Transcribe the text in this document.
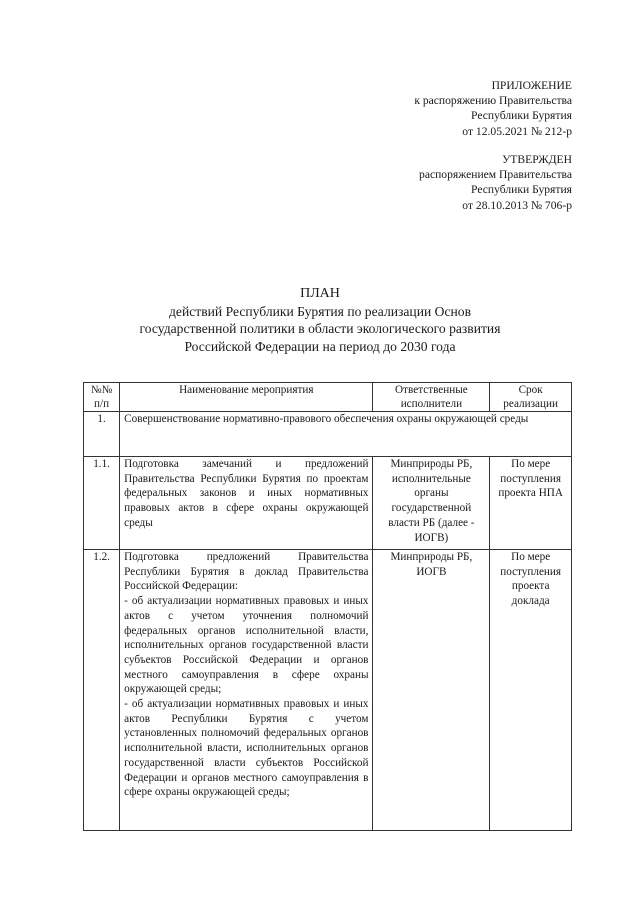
ПРИЛОЖЕНИЕ
к распоряжению Правительства
Республики Бурятия
от 12.05.2021 № 212-р
УТВЕРЖДЕН
распоряжением Правительства
Республики Бурятия
от 28.10.2013 № 706-р
ПЛАН
действий Республики Бурятия по реализации Основ
государственной политики в области экологического развития
Российской Федерации на период до 2030 года
№№ п/п	Наименование мероприятия	Ответственные исполнители	Срок реализации
1.	Совершенствование нормативно-правового обеспечения охраны окружающей среды		
1.1.	Подготовка замечаний и предложений Правительства Республики Бурятия по проектам федеральных законов и иных нормативных правовых актов в сфере охраны окружающей среды	Минприроды РБ, исполнительные органы государственной власти РБ (далее - ИОГВ)	По мере поступления проекта НПА
1.2.	Подготовка предложений Правительства Республики Бурятия в доклад Правительства Российской Федерации:
- об актуализации нормативных правовых и иных актов с учетом уточнения полномочий федеральных органов исполнительной власти, исполнительных органов государственной власти субъектов Российской Федерации и органов местного самоуправления в сфере охраны окружающей среды;
- об актуализации нормативных правовых и иных актов Республики Бурятия с учетом установленных полномочий федеральных органов исполнительной власти, исполнительных органов государственной власти субъектов Российской Федерации и органов местного самоуправления в сфере охраны окружающей среды;	Минприроды РБ, ИОГВ	По мере поступления проекта доклада
